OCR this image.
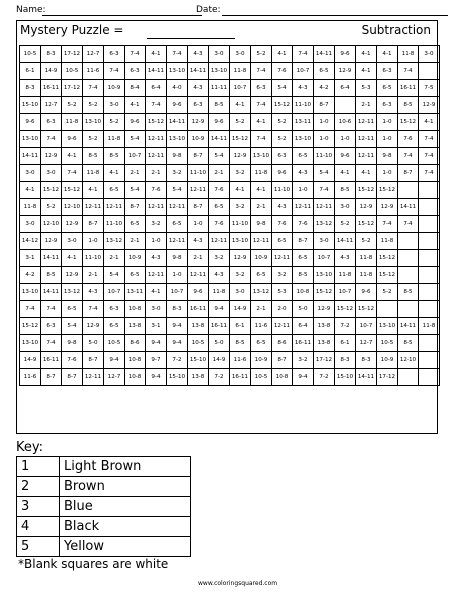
Name:	Date:
Mystery Puzzle =	Subtraction
10-5	8-3	17-12	12-7	6-3	7-4	4-1	7-4	4-3	3-0	3-0	5-2	4-1	7-4	14-11	9-6	4-1	4-1	11-8	3-0
6-1	14-9	10-5	11-6	7-4	6-3	14-11	13-10	14-11	13-10	11-8	7-4	7-6	10-7	6-5	12-9	4-1	6-3	7-4	
8-3	16-11	17-12	7-4	10-9	8-4	6-4	4-0	4-3	11-11	10-7	6-3	5-4	4-3	4-2	6-4	5-3	6-5	16-11	7-5
15-10	12-7	5-2	5-2	3-0	4-1	7-4	9-6	6-3	8-5	4-1	7-4	15-12	11-10	8-7		2-1	6-3	8-5	12-9
9-6	6-3	11-8	13-10	5-2	9-6	15-12	14-11	12-9	9-6	5-2	4-1	5-2	13-11	1-0	10-6	12-11	1-0	15-12	4-1
13-10	7-4	9-6	5-2	11-8	5-4	12-11	13-10	10-9	14-11	15-12	7-4	5-2	13-10	1-0	1-0	12-11	1-0	7-6	7-4
14-11	12-9	4-1	8-5	8-5	10-7	12-11	9-8	8-7	5-4	12-9	13-10	6-3	6-5	11-10	9-6	12-11	9-8	7-4	7-4
3-0	3-0	7-4	11-8	4-1	2-1	2-1	3-2	11-10	2-1	3-2	11-8	9-6	4-3	5-4	4-1	4-1	1-0	8-7	7-4
4-1	15-12	15-12	4-1	6-5	5-4	7-6	5-4	12-11	7-6	4-1	4-1	11-10	1-0	7-4	8-5	15-12	15-12		
11-8	5-2	12-10	12-11	12-11	8-7	12-11	12-11	8-7	6-5	3-2	2-1	4-3	12-11	12-11	3-0	12-9	12-9	14-11	
3-0	12-10	12-9	8-7	11-10	6-5	3-2	6-5	1-0	7-6	11-10	9-8	7-6	7-6	13-12	5-2	15-12	7-4	7-4	
14-12	12-9	3-0	1-0	13-12	2-1	1-0	12-11	4-3	12-11	13-10	12-11	6-5	8-7	3-0	14-11	5-2	11-8		
3-1	14-11	4-1	11-10	2-1	10-9	4-3	9-8	2-1	3-2	12-9	10-9	12-11	6-5	10-7	4-3	11-8	15-12		
4-2	8-5	12-9	2-1	5-4	6-5	12-11	1-0	12-11	4-3	3-2	6-5	3-2	8-5	13-10	11-8	11-8	15-12		
13-10	14-11	13-12	4-3	10-7	13-11	4-1	10-7	9-6	11-8	3-0	13-12	5-3	10-8	15-12	10-7	9-6	5-2	8-5	
7-4	7-4	6-5	7-4	6-3	10-8	3-0	8-3	16-11	9-4	14-9	2-1	2-0	5-0	12-9	15-12	15-12			
15-12	6-3	5-4	12-9	6-5	13-8	3-1	9-4	13-8	16-11	6-1	11-6	12-11	6-4	13-8	7-2	10-7	13-10	14-11	11-8
13-10	7-4	9-8	5-0	10-5	8-6	9-4	9-4	10-5	5-0	8-5	6-5	8-6	16-11	13-8	6-1	12-7	10-5	8-5	
14-9	16-11	7-6	8-7	9-4	10-8	9-7	7-2	15-10	14-9	11-6	10-9	8-7	3-2	17-12	8-3	8-3	10-9	12-10	
11-6	8-7	8-7	12-11	12-7	10-8	9-4	15-10	13-8	7-2	16-11	10-5	10-8	9-4	7-2	15-10	14-11	17-12		
Key:
1	Light Brown
2	Brown
3	Blue
4	Black
5	Yellow
*Blank squares are white
www.coloringsquared.com
